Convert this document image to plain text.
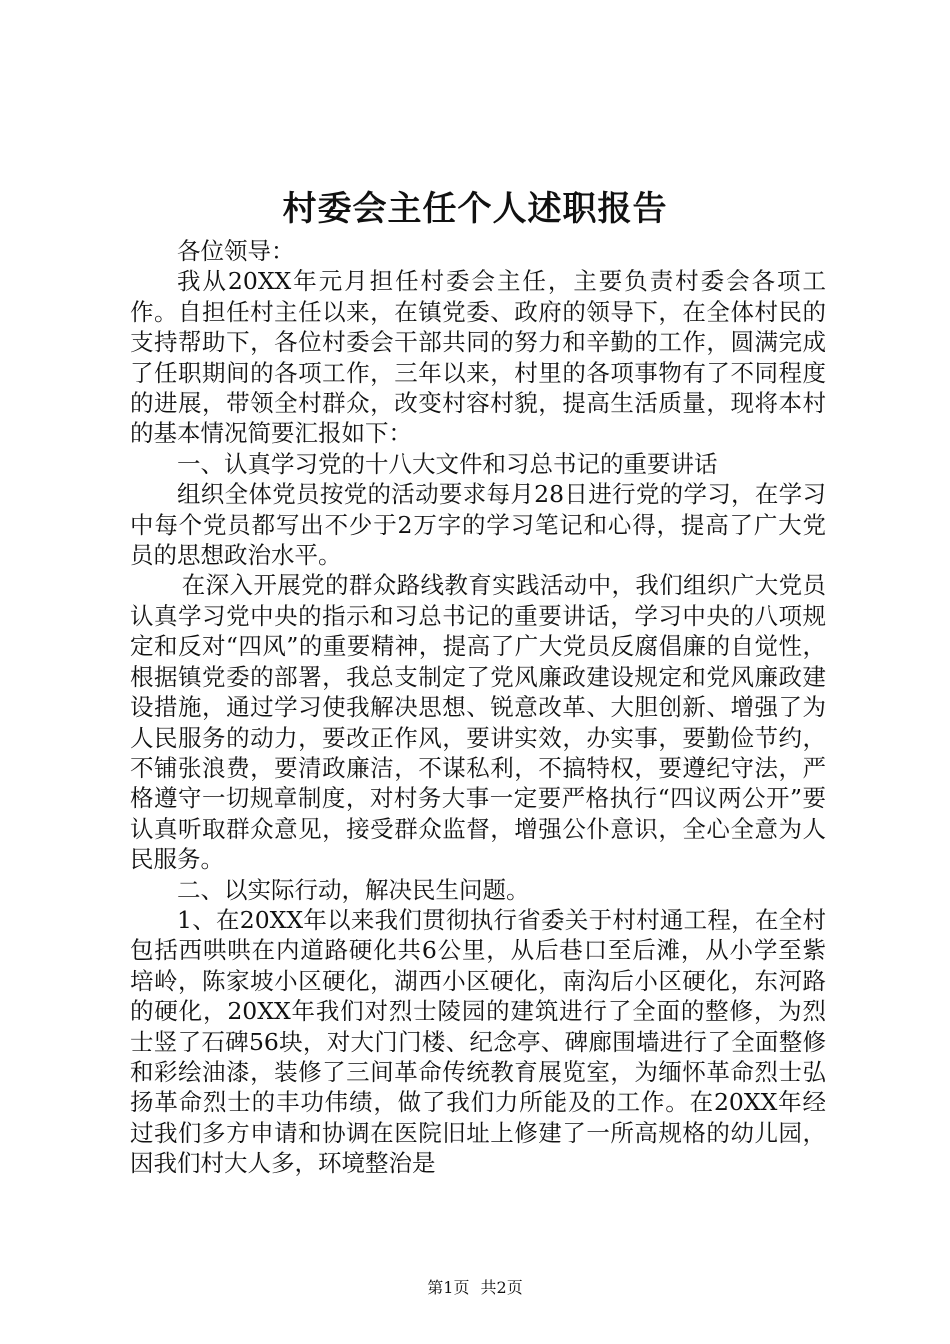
村委会主任个人述职报告

各位领导：

我从20XX年元月担任村委会主任，主要负责村委会各项工作。自担任村主任以来，在镇党委、政府的领导下，在全体村民的支持帮助下，各位村委会干部共同的努力和辛勤的工作，圆满完成了任职期间的各项工作，三年以来，村里的各项事物有了不同程度的进展，带领全村群众，改变村容村貌，提高生活质量，现将本村的基本情况简要汇报如下：

一、认真学习党的十八大文件和习总书记的重要讲话

组织全体党员按党的活动要求每月28日进行党的学习，在学习中每个党员都写出不少于2万字的学习笔记和心得，提高了广大党员的思想政治水平。

在深入开展党的群众路线教育实践活动中，我们组织广大党员认真学习党中央的指示和习总书记的重要讲话，学习中央的八项规定和反对“四风”的重要精神，提高了广大党员反腐倡廉的自觉性，根据镇党委的部署，我总支制定了党风廉政建设规定和党风廉政建设措施，通过学习使我解决思想、锐意改革、大胆创新、增强了为人民服务的动力，要改正作风，要讲实效，办实事，要勤俭节约，不铺张浪费，要清政廉洁，不谋私利，不搞特权，要遵纪守法，严格遵守一切规章制度，对村务大事一定要严格执行“四议两公开”要认真听取群众意见，接受群众监督，增强公仆意识，全心全意为人民服务。

二、以实际行动，解决民生问题。

1、在20XX年以来我们贯彻执行省委关于村村通工程，在全村包括西哄哄在内道路硬化共6公里，从后巷口至后滩，从小学至紫培岭，陈家坡小区硬化，湖西小区硬化，南沟后小区硬化，东河路的硬化，20XX年我们对烈士陵园的建筑进行了全面的整修，为烈士竖了石碑56块，对大门门楼、纪念亭、碑廊围墙进行了全面整修和彩绘油漆，装修了三间革命传统教育展览室，为缅怀革命烈士弘扬革命烈士的丰功伟绩，做了我们力所能及的工作。在20XX年经过我们多方申请和协调在医院旧址上修建了一所高规格的幼儿园，因我们村大人多，环境整治是

第1页 共2页
